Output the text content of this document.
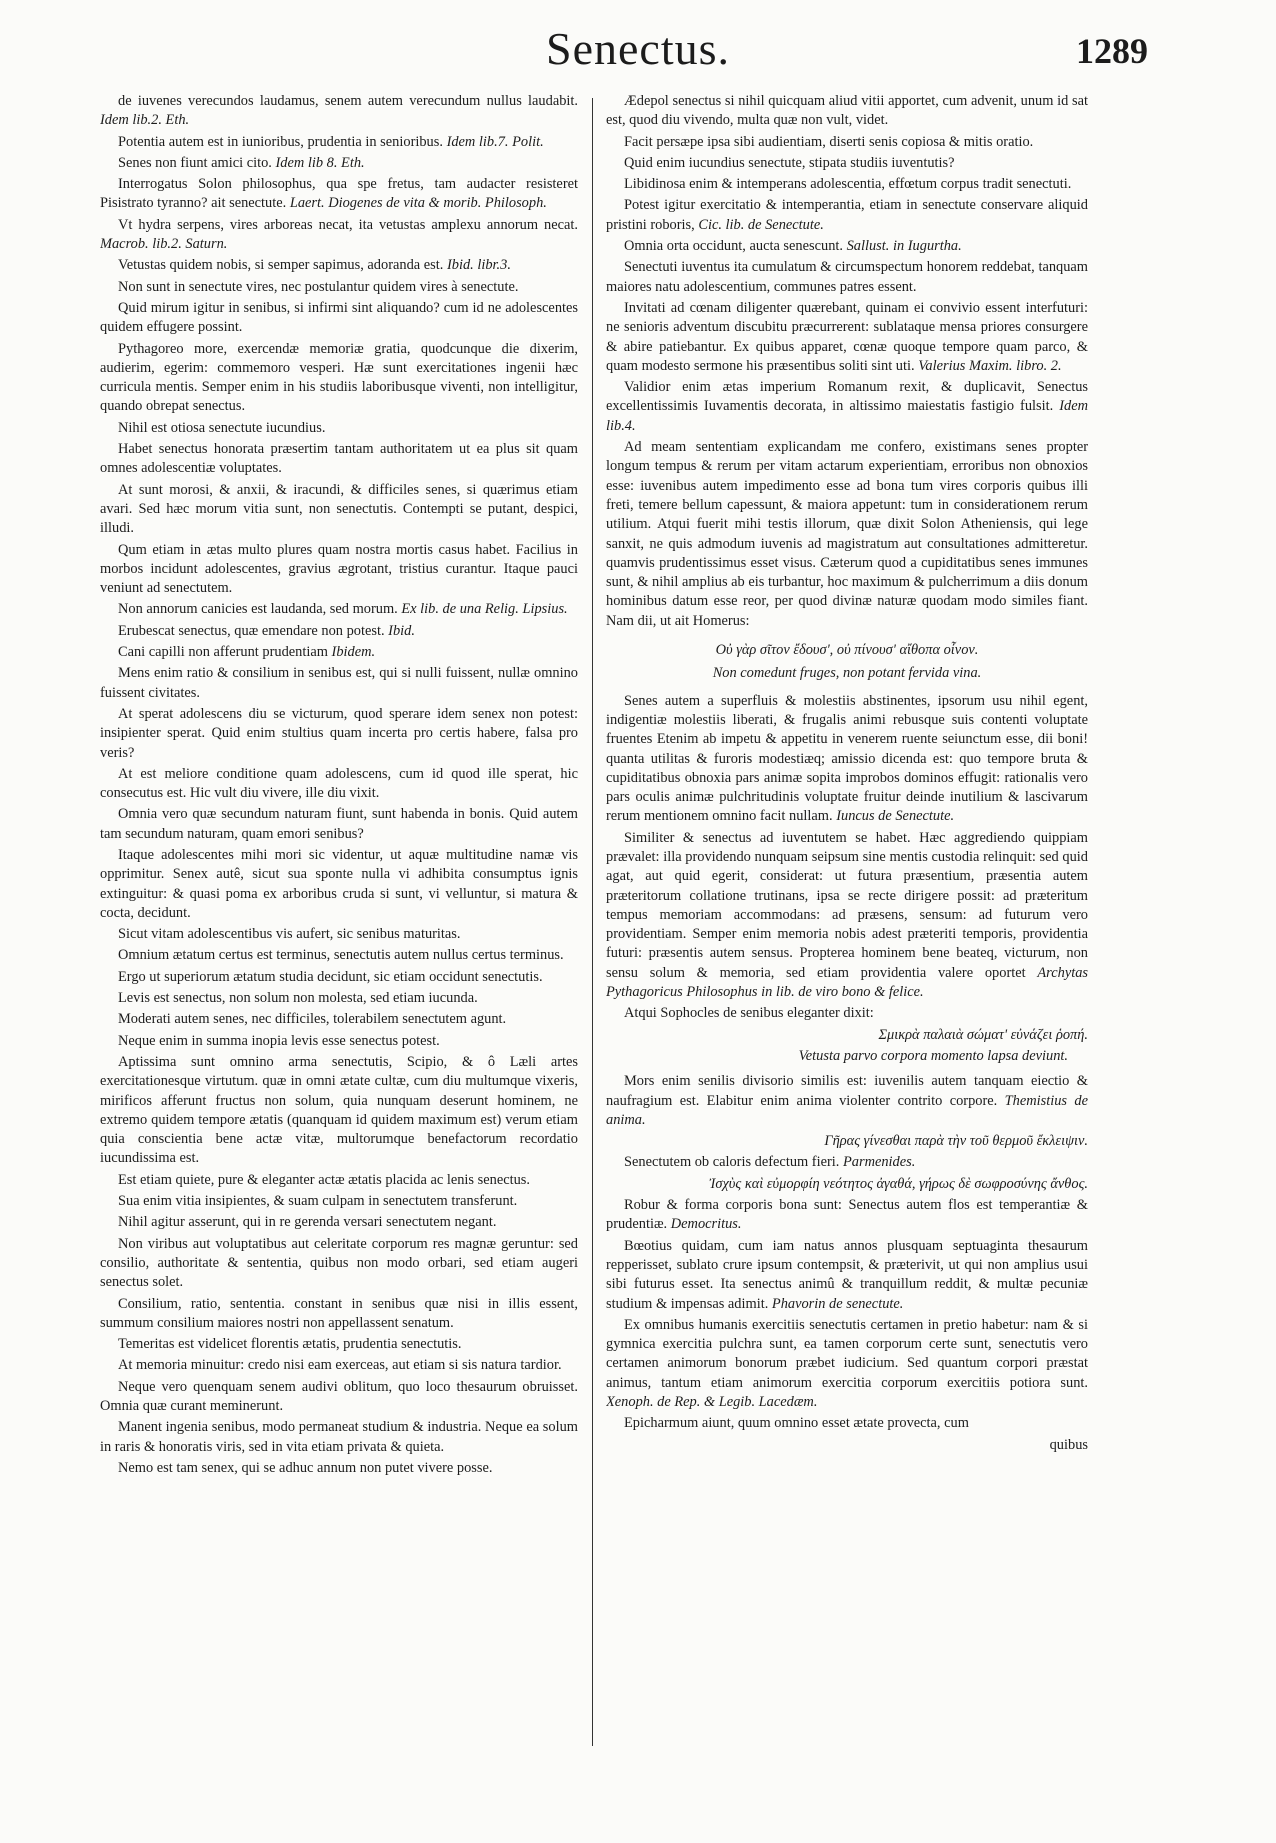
Senectus.	1289

de iuvenes verecundos laudamus, senem autem verecundum nullus laudabit. Idem lib.2. Eth.

Potentia autem est in iunioribus, prudentia in senioribus. Idem lib.7. Polit.

Senes non fiunt amici cito. Idem lib 8. Eth.

Interrogatus Solon philosophus, qua spe fretus, tam audacter resisteret Pisistrato tyranno? ait senectute. Laert. Diogenes de vita & morib. Philosoph.

Vt hydra serpens, vires arboreas necat, ita vetustas amplexu annorum necat. Macrob. lib.2. Saturn.

Vetustas quidem nobis, si semper sapimus, adoranda est. Ibid. libr.3.

Non sunt in senectute vires, nec postulantur quidem vires à senectute.

Quid mirum igitur in senibus, si infirmi sint aliquando? cum id ne adolescentes quidem effugere possint.

Pythagoreo more, exercendæ memoriæ gratia, quodcunque die dixerim, audierim, egerim: commemoro vesperi. Hæ sunt exercitationes ingenii hæc curricula mentis. Semper enim in his studiis laboribusque viventi, non intelligitur, quando obrepat senectus.

Nihil est otiosa senectute iucundius.

Habet senectus honorata præsertim tantam authoritatem ut ea plus sit quam omnes adolescentiæ voluptates.

At sunt morosi, & anxii, & iracundi, & difficiles senes, si quærimus etiam avari. Sed hæc morum vitia sunt, non senectutis. Contempti se putant, despici, illudi.

Qum etiam in ætas multo plures quam nostra mortis casus habet. Facilius in morbos incidunt adolescentes, gravius ægrotant, tristius curantur. Itaque pauci veniunt ad senectutem.

Non annorum canicies est laudanda, sed morum. Ex lib. de una Relig. Lipsius.

Erubescat senectus, quæ emendare non potest. Ibid.

Cani capilli non afferunt prudentiam Ibidem.

Mens enim ratio & consilium in senibus est, qui si nulli fuissent, nullæ omnino fuissent civitates.

At sperat adolescens diu se victurum, quod sperare idem senex non potest: insipienter sperat. Quid enim stultius quam incerta pro certis habere, falsa pro veris?

At est meliore conditione quam adolescens, cum id quod ille sperat, hic consecutus est. Hic vult diu vivere, ille diu vixit.

Omnia vero quæ secundum naturam fiunt, sunt habenda in bonis. Quid autem tam secundum naturam, quam emori senibus?

Itaque adolescentes mihi mori sic videntur, ut aquæ multitudine namæ vis opprimitur. Senex autê, sicut sua sponte nulla vi adhibita consumptus ignis extinguitur: & quasi poma ex arboribus cruda si sunt, vi velluntur, si matura & cocta, decidunt.

Sicut vitam adolescentibus vis aufert, sic senibus maturitas.

Omnium ætatum certus est terminus, senectutis autem nullus certus terminus.

Ergo ut superiorum ætatum studia decidunt, sic etiam occidunt senectutis.

Levis est senectus, non solum non molesta, sed etiam iucunda.

Moderati autem senes, nec difficiles, tolerabilem senectutem agunt.

Neque enim in summa inopia levis esse senectus potest.

Aptissima sunt omnino arma senectutis, Scipio, & ô Læli artes exercitationesque virtutum. quæ in omni ætate cultæ, cum diu multumque vixeris, mirificos afferunt fructus non solum, quia nunquam deserunt hominem, ne extremo quidem tempore ætatis (quanquam id quidem maximum est) verum etiam quia conscientia bene actæ vitæ, multorumque benefactorum recordatio iucundissima est.

Est etiam quiete, pure & eleganter actæ ætatis placida ac lenis senectus.

Sua enim vitia insipientes, & suam culpam in senectutem transferunt.

Nihil agitur asserunt, qui in re gerenda versari senectutem negant.

Non viribus aut voluptatibus aut celeritate corporum res magnæ geruntur: sed consilio, authoritate & sententia, quibus non modo orbari, sed etiam augeri senectus solet.

Consilium, ratio, sententia. constant in senibus quæ nisi in illis essent, summum consilium maiores nostri non appellassent senatum.

Temeritas est videlicet florentis ætatis, prudentia senectutis.

At memoria minuitur: credo nisi eam exerceas, aut etiam si sis natura tardior.

Neque vero quenquam senem audivi oblitum, quo loco thesaurum obruisset. Omnia quæ curant meminerunt.

Manent ingenia senibus, modo permaneat studium & industria. Neque ea solum in raris & honoratis viris, sed in vita etiam privata & quieta.

Nemo est tam senex, qui se adhuc annum non putet vivere posse.

Ædepol senectus si nihil quicquam aliud vitii apportet, cum advenit, unum id sat est, quod diu vivendo, multa quæ non vult, videt.

Facit persæpe ipsa sibi audientiam, diserti senis copiosa & mitis oratio.

Quid enim iucundius senectute, stipata studiis iuventutis?

Libidinosa enim & intemperans adolescentia, effœtum corpus tradit senectuti.

Potest igitur exercitatio & intemperantia, etiam in senectute conservare aliquid pristini roboris, Cic. lib. de Senectute.

Omnia orta occidunt, aucta senescunt. Sallust. in Iugurtha.

Senectuti iuventus ita cumulatum & circumspectum honorem reddebat, tanquam maiores natu adolescentium, communes patres essent.

Invitati ad cœnam diligenter quærebant, quinam ei convivio essent interfuturi: ne senioris adventum discubitu præcurrerent: sublataque mensa priores consurgere & abire patiebantur. Ex quibus apparet, cœnæ quoque tempore quam parco, & quam modesto sermone his præsentibus soliti sint uti. Valerius Maxim. libro. 2.

Validior enim ætas imperium Romanum rexit, & duplicavit, Senectus excellentissimis Iuvamentis decorata, in altissimo maiestatis fastigio fulsit. Idem lib.4.

Ad meam sententiam explicandam me confero, existimans senes propter longum tempus & rerum per vitam actarum experientiam, erroribus non obnoxios esse: iuvenibus autem impedimento esse ad bona tum vires corporis quibus illi freti, temere bellum capessunt, & maiora appetunt: tum in considerationem rerum utilium. Atqui fuerit mihi testis illorum, quæ dixit Solon Atheniensis, qui lege sanxit, ne quis admodum iuvenis ad magistratum aut consultationes admitteretur. quamvis prudentissimus esset visus. Cæterum quod a cupiditatibus senes immunes sunt, & nihil amplius ab eis turbantur, hoc maximum & pulcherrimum a diis donum hominibus datum esse reor, per quod divinæ naturæ quodam modo similes fiant. Nam dii, ut ait Homerus:

Οὐ γὰρ σῖτον ἔδουσ', οὐ πίνουσ' αἴθοπα οἶνον.
Non comedunt fruges, non potant fervida vina.

Senes autem a superfluis & molestiis abstinentes, ipsorum usu nihil egent, indigentiæ molestiis liberati, & frugalis animi rebusque suis contenti voluptate fruentes Etenim ab impetu & appetitu in venerem ruente seiunctum esse, dii boni! quanta utilitas & furoris modestiæq; amissio dicenda est: quo tempore bruta & cupiditatibus obnoxia pars animæ sopita improbos dominos effugit: rationalis vero pars oculis animæ pulchritudinis voluptate fruitur deinde inutilium & lascivarum rerum mentionem omnino facit nullam. Iuncus de Senectute.

Similiter & senectus ad iuventutem se habet. Hæc aggrediendo quippiam prævalet: illa providendo nunquam seipsum sine mentis custodia relinquit: sed quid agat, aut quid egerit, considerat: ut futura præsentium, præsentia autem præteritorum collatione trutinans, ipsa se recte dirigere possit: ad præteritum tempus memoriam accommodans: ad præsens, sensum: ad futurum vero providentiam. Semper enim memoria nobis adest præteriti temporis, providentia futuri: præsentis autem sensus. Propterea hominem bene beateq, victurum, non sensu solum & memoria, sed etiam providentia valere oportet Archytas Pythagoricus Philosophus in lib. de viro bono & felice.

Atqui Sophocles de senibus eleganter dixit:

Σμικρὰ παλαιὰ σώματ' εὐνάζει ῥοπή.
Vetusta parvo corpora momento lapsa deviunt.

Mors enim senilis divisorio similis est: iuvenilis autem tanquam eiectio & naufragium est. Elabitur enim anima violenter contrito corpore. Themistius de anima.

Γῆρας γίνεσθαι παρὰ τὴν τοῦ θερμοῦ ἔκλειψιν.

Senectutem ob caloris defectum fieri. Parmenides.

Ἰσχὺς καὶ εὐμορφίη νεότητος ἀγαθά, γήρως δὲ σωφροσύνης ἄνθος.

Robur & forma corporis bona sunt: Senectus autem flos est temperantiæ & prudentiæ. Democritus.

Bœotius quidam, cum iam natus annos plusquam septuaginta thesaurum repperisset, sublato crure ipsum contempsit, & præterivit, ut qui non amplius usui sibi futurus esset. Ita senectus animû & tranquillum reddit, & multæ pecuniæ studium & impensas adimit. Phavorin de senectute.

Ex omnibus humanis exercitiis senectutis certamen in pretio habetur: nam & si gymnica exercitia pulchra sunt, ea tamen corporum certe sunt, senectutis vero certamen animorum bonorum præbet iudicium. Sed quantum corpori præstat animus, tantum etiam animorum exercitia corporum exercitiis potiora sunt. Xenoph. de Rep. & Legib. Lacedæm.

Epicharmum aiunt, quum omnino esset ætate provecta, cum

quibus
